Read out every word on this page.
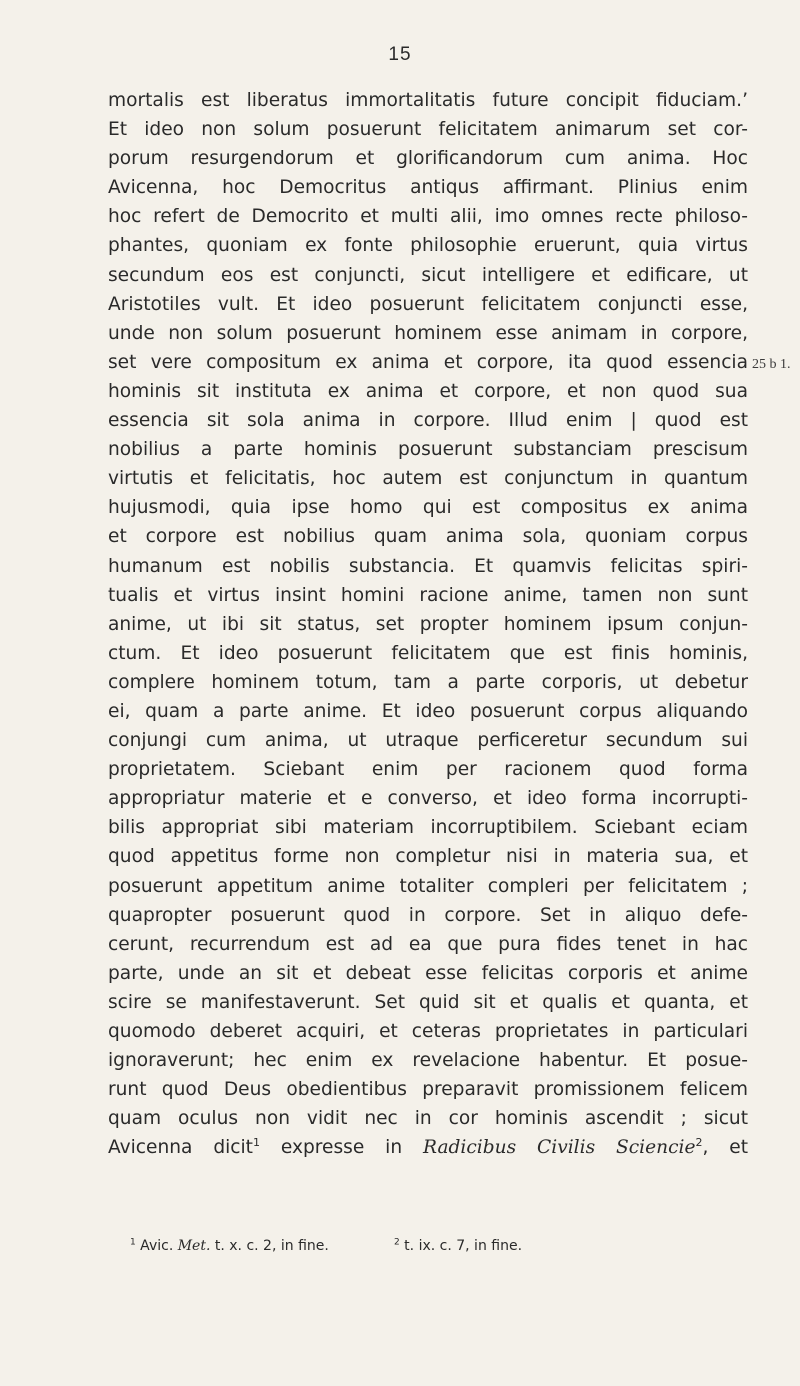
15
25 b 1.
mortalis est liberatus immortalitatis future concipit fiduciam.’
Et ideo non solum posuerunt felicitatem animarum set cor-
porum resurgendorum et glorificandorum cum anima. Hoc
Avicenna, hoc Democritus antiqus affirmant. Plinius enim
hoc refert de Democrito et multi alii, imo omnes recte philoso-
phantes, quoniam ex fonte philosophie eruerunt, quia virtus
secundum eos est conjuncti, sicut intelligere et edificare, ut
Aristotiles vult. Et ideo posuerunt felicitatem conjuncti esse,
unde non solum posuerunt hominem esse animam in corpore,
set vere compositum ex anima et corpore, ita quod essencia
hominis sit instituta ex anima et corpore, et non quod sua
essencia sit sola anima in corpore. Illud enim | quod est
nobilius a parte hominis posuerunt substanciam prescisum
virtutis et felicitatis, hoc autem est conjunctum in quantum
hujusmodi, quia ipse homo qui est compositus ex anima
et corpore est nobilius quam anima sola, quoniam corpus
humanum est nobilis substancia. Et quamvis felicitas spiri-
tualis et virtus insint homini racione anime, tamen non sunt
anime, ut ibi sit status, set propter hominem ipsum conjun-
ctum. Et ideo posuerunt felicitatem que est finis hominis,
complere hominem totum, tam a parte corporis, ut debetur
ei, quam a parte anime. Et ideo posuerunt corpus aliquando
conjungi cum anima, ut utraque perficeretur secundum sui
proprietatem. Sciebant enim per racionem quod forma
appropriatur materie et e converso, et ideo forma incorrupti-
bilis appropriat sibi materiam incorruptibilem. Sciebant eciam
quod appetitus forme non completur nisi in materia sua, et
posuerunt appetitum anime totaliter compleri per felicitatem ;
quapropter posuerunt quod in corpore. Set in aliquo defe-
cerunt, recurrendum est ad ea que pura fides tenet in hac
parte, unde an sit et debeat esse felicitas corporis et anime
scire se manifestaverunt. Set quid sit et qualis et quanta, et
quomodo deberet acquiri, et ceteras proprietates in particulari
ignoraverunt; hec enim ex revelacione habentur. Et posue-
runt quod Deus obedientibus preparavit promissionem felicem
quam oculus non vidit nec in cor hominis ascendit ; sicut
Avicenna dicit$^1$ expresse in Radicibus Civilis Sciencie$^2$, et
$^1$ Avic. Met. t. x. c. 2, in fine.	$^2$ t. ix. c. 7, in fine.
